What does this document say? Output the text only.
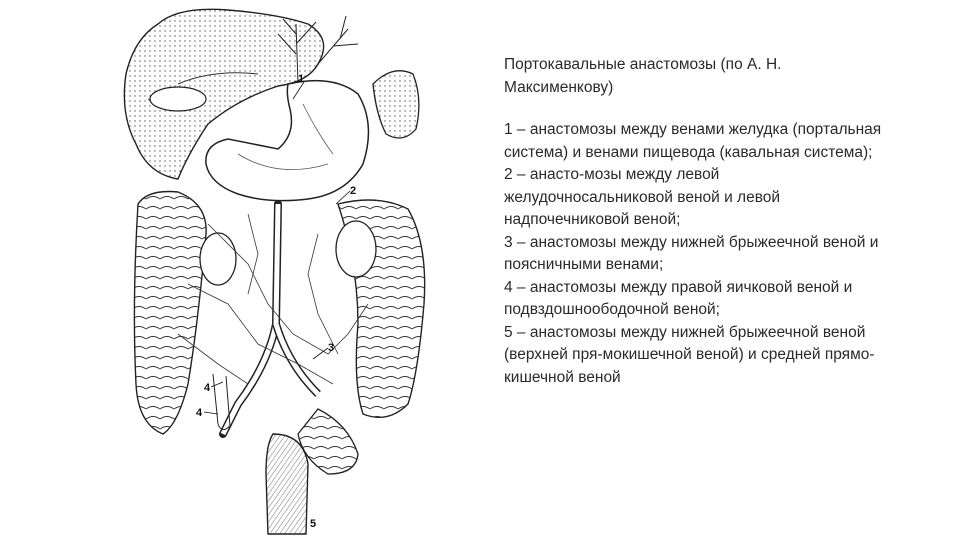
1
2
3
4
4
5

Портокавальные анастомозы (по А. Н. Максименкову)

1 – анастомозы между венами желудка (портальная система) и венами пищевода (кавальная система);
2 – анасто-мозы между левой желудочносальниковой веной и левой надпочечниковой веной;
3 – анастомозы между нижней брыжеечной веной и поясничными венами;
4 – анастомозы между правой яичковой веной и подвздошноободочной веной;
5 – анастомозы между нижней брыжеечной веной (верхней пря-мокишечной веной) и средней прямо-кишечной веной
